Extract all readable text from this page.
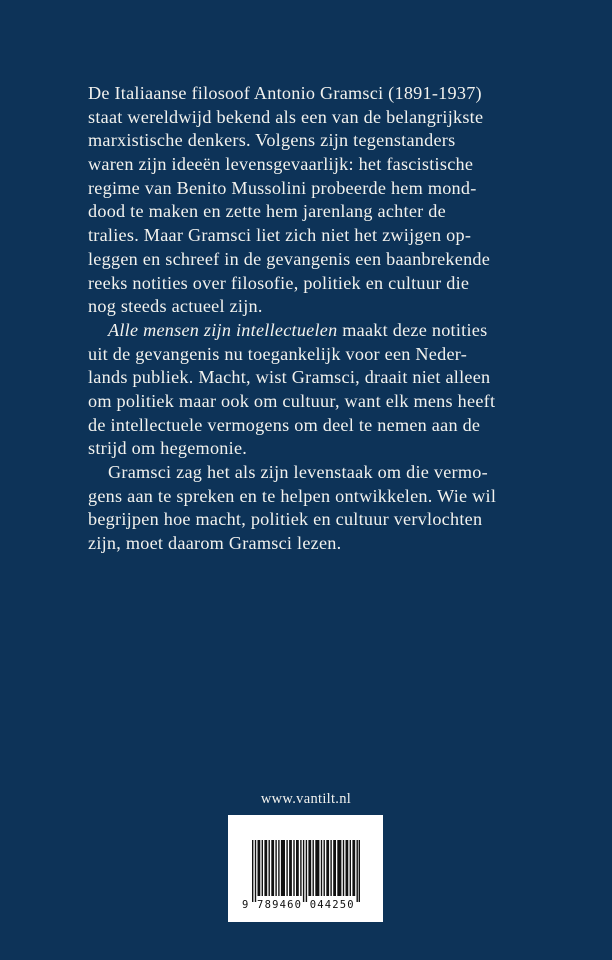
De Italiaanse filosoof Antonio Gramsci (1891-1937)
staat wereldwijd bekend als een van de belangrijkste
marxistische denkers. Volgens zijn tegenstanders
waren zijn ideeën levensgevaarlijk: het fascistische
regime van Benito Mussolini probeerde hem mond-
dood te maken en zette hem jarenlang achter de
tralies. Maar Gramsci liet zich niet het zwijgen op-
leggen en schreef in de gevangenis een baanbrekende
reeks notities over filosofie, politiek en cultuur die
nog steeds actueel zijn.
Alle mensen zijn intellectuelen maakt deze notities
uit de gevangenis nu toegankelijk voor een Neder-
lands publiek. Macht, wist Gramsci, draait niet alleen
om politiek maar ook om cultuur, want elk mens heeft
de intellectuele vermogens om deel te nemen aan de
strijd om hegemonie.
Gramsci zag het als zijn levenstaak om die vermo-
gens aan te spreken en te helpen ontwikkelen. Wie wil
begrijpen hoe macht, politiek en cultuur vervlochten
zijn, moet daarom Gramsci lezen.
www.vantilt.nl
9 789460 044250
